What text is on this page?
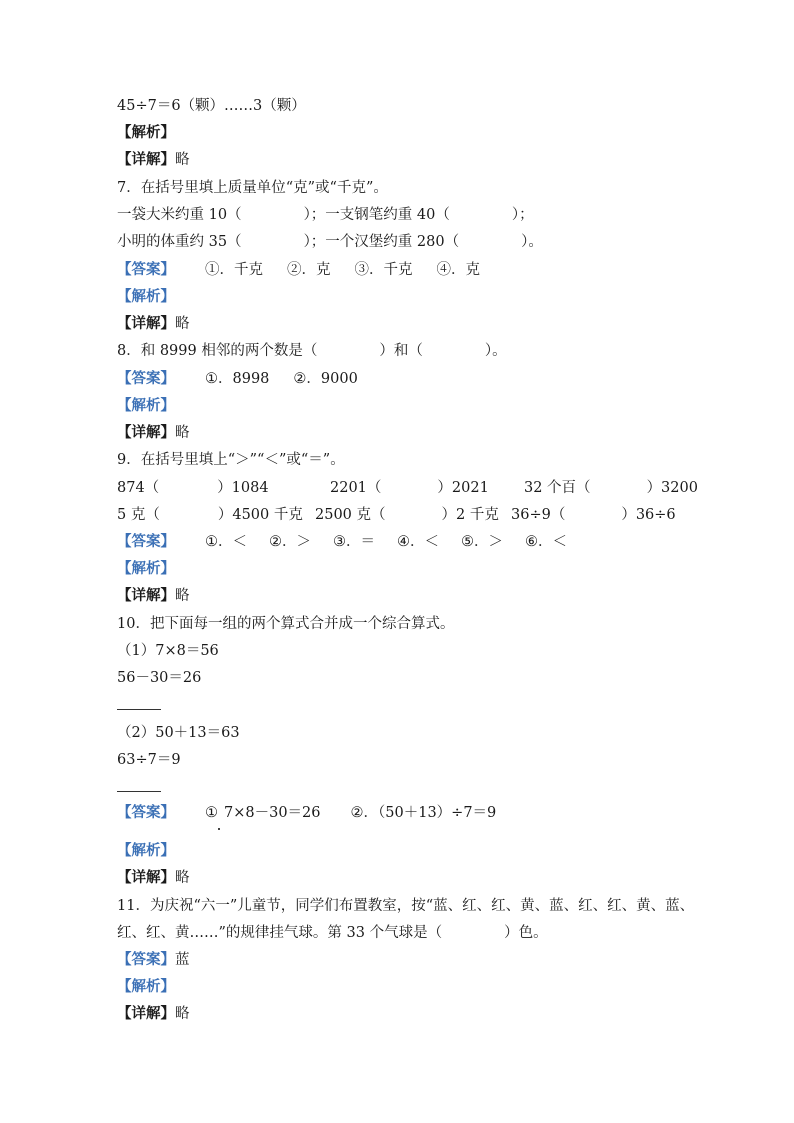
45÷7＝6（颗）……3（颗）
【解析】
【详解】略
7．在括号里填上质量单位“克”或“千克”。
一袋大米约重 10（	）；一支钢笔约重 40（	）；
小明的体重约 35（	）；一个汉堡约重 280（	）。
【答案】 ①．千克 ②．克 ③．千克 ④．克
【解析】
【详解】略
8．和 8999 相邻的两个数是（	）和（	）。
【答案】 ①．8998 ②．9000
【解析】
【详解】略
9．在括号里填上“＞”“＜”或“＝”。
874（	）1084	2201（	）2021 32 个百（	）3200
5 克（	）4500 千克 2500 克（	）2 千克 36÷9（	）36÷6
【答案】 ①．＜ ②．＞ ③．＝ ④．＜ ⑤．＞ ⑥．＜
【解析】
【详解】略
10．把下面每一组的两个算式合并成一个综合算式。
（1）7×8＝56
56－30＝26
（2）50＋13＝63
63÷7＝9
【答案】 ① 7×8－30＝26 ②．（50＋13）÷7＝9
【解析】
【详解】略
11．为庆祝“六一”儿童节，同学们布置教室，按“蓝、红、红、黄、蓝、红、红、黄、蓝、
红、红、黄……”的规律挂气球。第 33 个气球是（	）色。
【答案】蓝
【解析】
【详解】略
